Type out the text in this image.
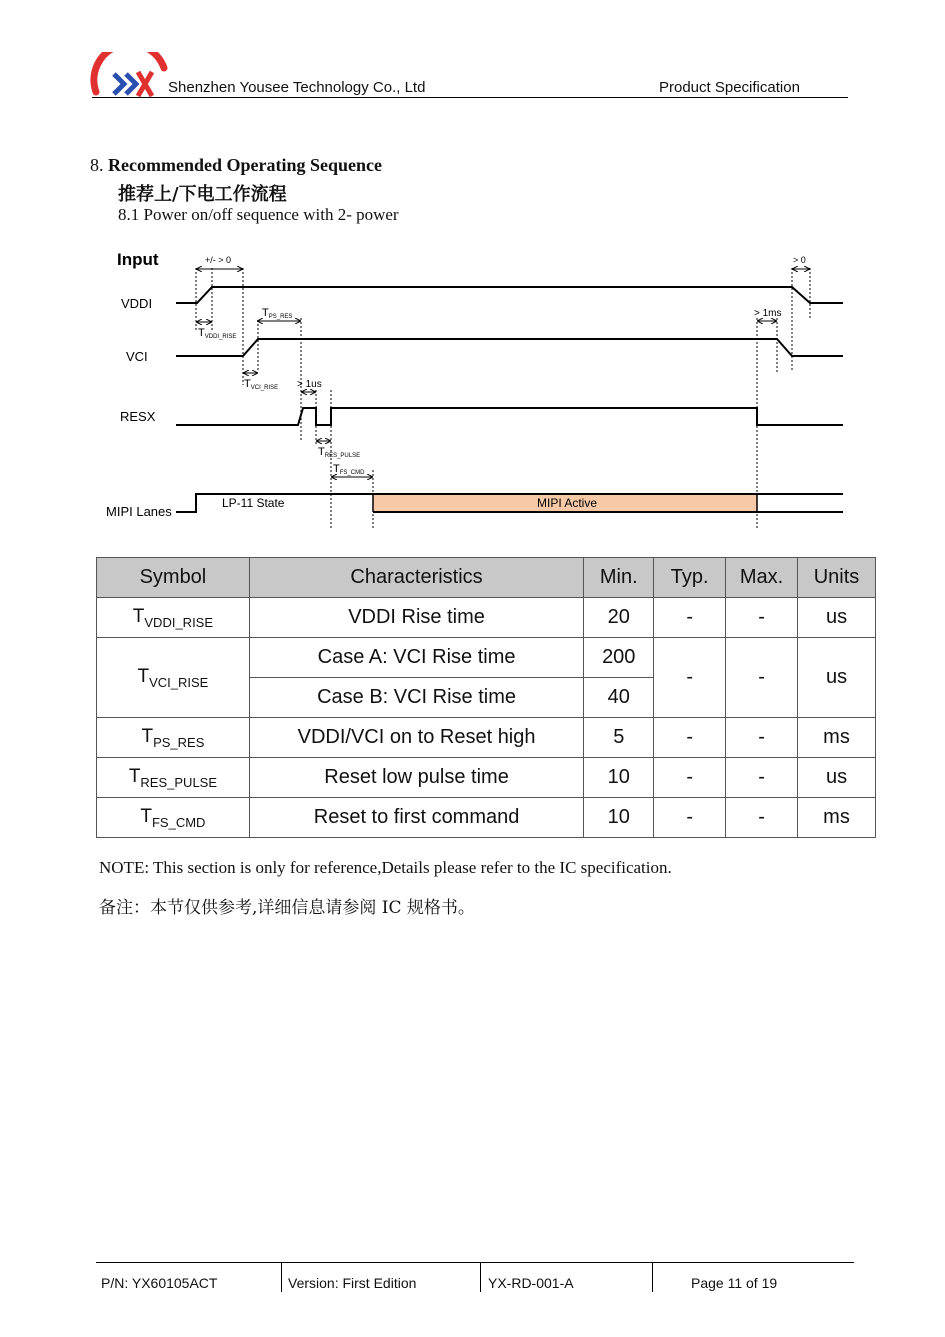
Shenzhen Yousee Technology Co., Ltd	Product Specification
8. Recommended Operating Sequence
推荐上/下电工作流程
8.1 Power on/off sequence with 2- power
Input
VDDI
VCI
RESX
MIPI Lanes
LP-11 State	MIPI Active
+/- > 0	> 0
> 1ms
TVDDI_RISE
TPS_RES
TVCI_RISE > 1us
TRES_PULSE
TFS_CMD
Symbol	Characteristics	Min.	Typ.	Max.	Units
$T_{VDDI\_RISE}$	VDDI Rise time	20	-	-	us
$T_{VCI\_RISE}$	Case A: VCI Rise time	200	-	-	us
	Case B: VCI Rise time	40			
$T_{PS\_RES}$	VDDI/VCI on to Reset high	5	-	-	ms
$T_{RES\_PULSE}$	Reset low pulse time	10	-	-	us
$T_{FS\_CMD}$	Reset to first command	10	-	-	ms
NOTE: This section is only for reference,Details please refer to the IC specification.
备注：本节仅供参考,详细信息请参阅 IC 规格书。
P/N: YX60105ACT	Version: First Edition	YX-RD-001-A	Page 11 of 19
